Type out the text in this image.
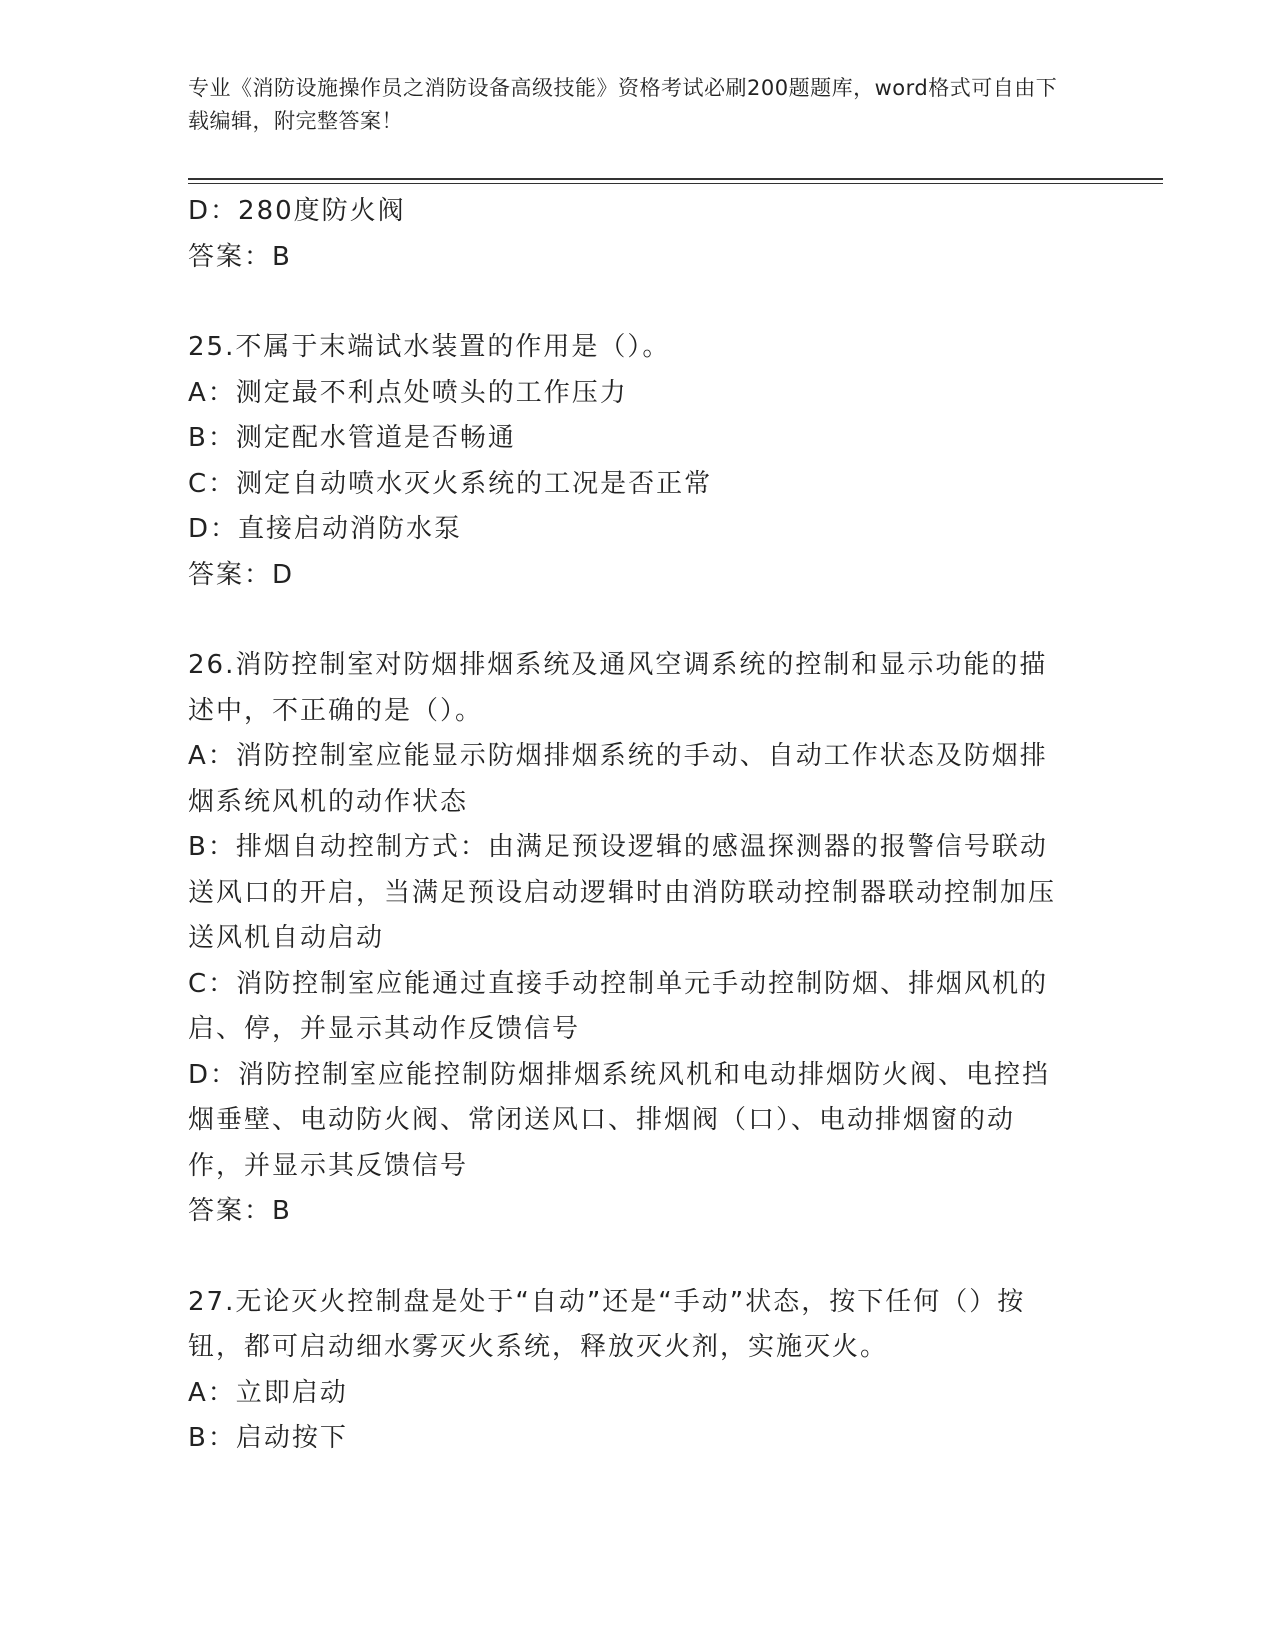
专业《消防设施操作员之消防设备高级技能》资格考试必刷200题题库，word格式可自由下载编辑，附完整答案！
D：280度防火阀
答案：B
25.不属于末端试水装置的作用是（）。
A：测定最不利点处喷头的工作压力
B：测定配水管道是否畅通
C：测定自动喷水灭火系统的工况是否正常
D：直接启动消防水泵
答案：D
26.消防控制室对防烟排烟系统及通风空调系统的控制和显示功能的描述中，不正确的是（）。
A：消防控制室应能显示防烟排烟系统的手动、自动工作状态及防烟排烟系统风机的动作状态
B：排烟自动控制方式：由满足预设逻辑的感温探测器的报警信号联动送风口的开启，当满足预设启动逻辑时由消防联动控制器联动控制加压送风机自动启动
C：消防控制室应能通过直接手动控制单元手动控制防烟、排烟风机的启、停，并显示其动作反馈信号
D：消防控制室应能控制防烟排烟系统风机和电动排烟防火阀、电控挡烟垂壁、电动防火阀、常闭送风口、排烟阀（口）、电动排烟窗的动作，并显示其反馈信号
答案：B
27.无论灭火控制盘是处于“自动”还是“手动”状态，按下任何（）按钮，都可启动细水雾灭火系统，释放灭火剂，实施灭火。
A：立即启动
B：启动按下
